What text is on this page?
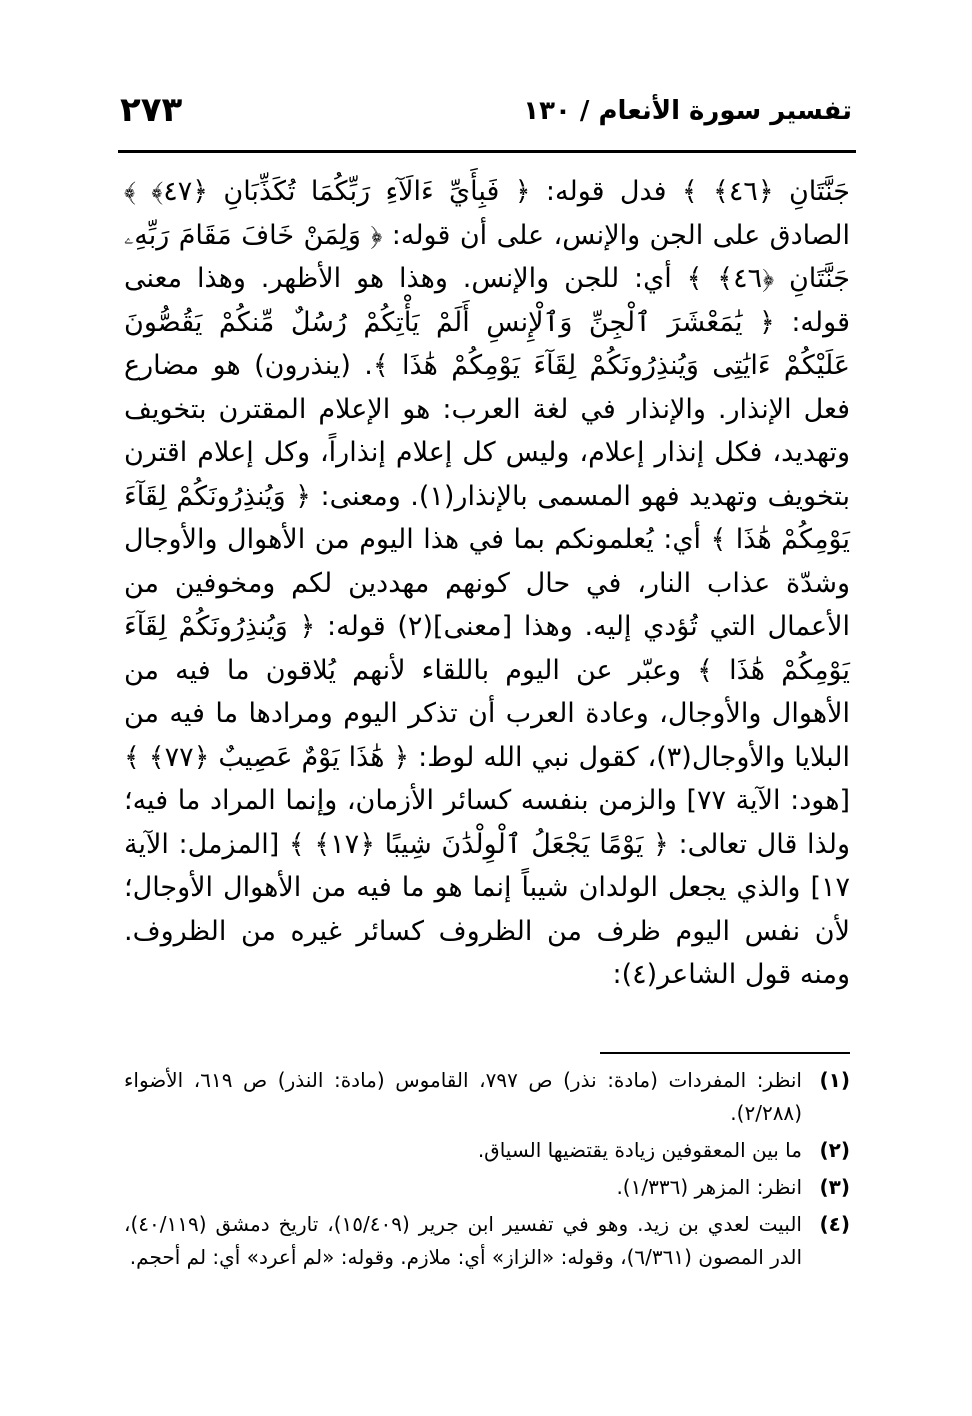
تفسير سورة الأنعام / ١٣٠
٢٧٣

جَنَّتَانِ ﴿٤٦﴾ ﴾ فدل قوله: ﴿ فَبِأَيِّ ءَالَآءِ رَبِّكُمَا تُكَذِّبَانِ ﴿٤٧﴾ ﴾ الصادق على الجن والإنس، على أن قوله: ﴿ وَلِمَنْ خَافَ مَقَامَ رَبِّهِۦ جَنَّتَانِ ﴿٤٦﴾ ﴾ أي: للجن والإنس. وهذا هو الأظهر. وهذا معنى قوله: ﴿ يَٰمَعْشَرَ ٱلْجِنِّ وَٱلْإِنسِ أَلَمْ يَأْتِكُمْ رُسُلٌ مِّنكُمْ يَقُصُّونَ عَلَيْكُمْ ءَايَٰتِى وَيُنذِرُونَكُمْ لِقَآءَ يَوْمِكُمْ هَٰذَا ﴾. (ينذرون) هو مضارع فعل الإنذار. والإنذار في لغة العرب: هو الإعلام المقترن بتخويف وتهديد، فكل إنذار إعلام، وليس كل إعلام إنذاراً، وكل إعلام اقترن بتخويف وتهديد فهو المسمى بالإنذار(١). ومعنى: ﴿ وَيُنذِرُونَكُمْ لِقَآءَ يَوْمِكُمْ هَٰذَا ﴾ أي: يُعلمونكم بما في هذا اليوم من الأهوال والأوجال وشدّة عذاب النار، في حال كونهم مهددين لكم ومخوفين من الأعمال التي تُؤدي إليه. وهذا [معنى](٢) قوله: ﴿ وَيُنذِرُونَكُمْ لِقَآءَ يَوْمِكُمْ هَٰذَا ﴾ وعبّر عن اليوم باللقاء لأنهم يُلاقون ما فيه من الأهوال والأوجال، وعادة العرب أن تذكر اليوم ومرادها ما فيه من البلايا والأوجال(٣)، كقول نبي الله لوط: ﴿ هَٰذَا يَوْمٌ عَصِيبٌ ﴿٧٧﴾ ﴾ [هود: الآية ٧٧] والزمن بنفسه كسائر الأزمان، وإنما المراد ما فيه؛ ولذا قال تعالى: ﴿ يَوْمًا يَجْعَلُ ٱلْوِلْدَٰنَ شِيبًا ﴿١٧﴾ ﴾ [المزمل: الآية ١٧] والذي يجعل الولدان شيباً إنما هو ما فيه من الأهوال الأوجال؛ لأن نفس اليوم ظرف من الظروف كسائر غيره من الظروف. ومنه قول الشاعر(٤):

(١)
انظر: المفردات (مادة: نذر) ص ٧٩٧، القاموس (مادة: النذر) ص ٦١٩، الأضواء (٢/٢٨٨).
(٢)
ما بين المعقوفين زيادة يقتضيها السياق.
(٣)
انظر: المزهر (١/٣٣٦).
(٤)
البيت لعدي بن زيد. وهو في تفسير ابن جرير (١٥/٤٠٩)، تاريخ دمشق (٤٠/١١٩)، الدر المصون (٦/٣٦١)، وقوله: «الزاز» أي: ملازم. وقوله: «لم أعرد» أي: لم أحجم.
